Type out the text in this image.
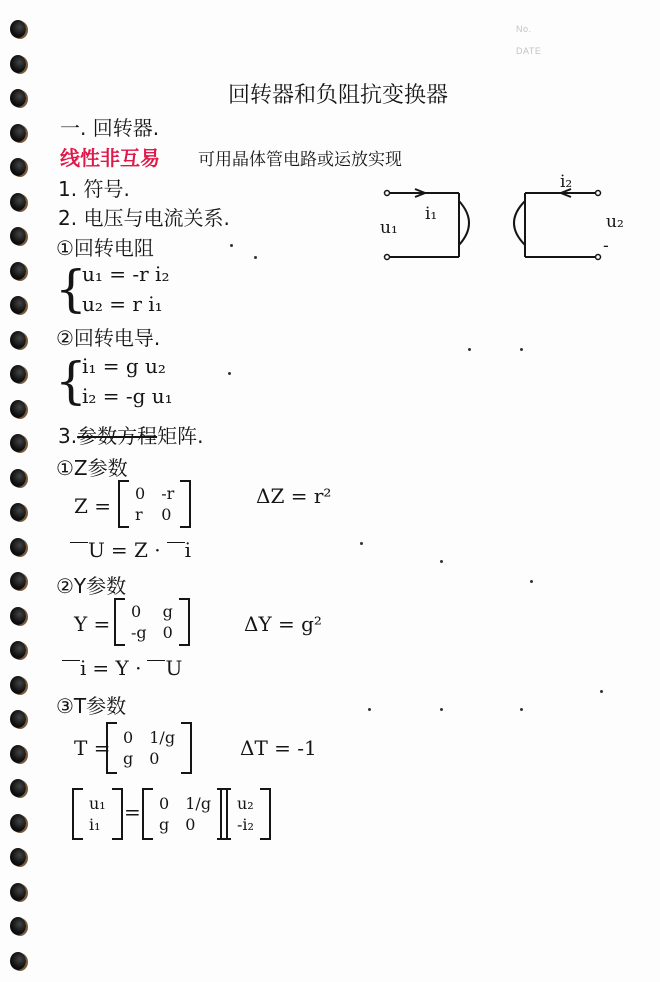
No.
DATE
回转器和负阻抗变换器
一. 回转器.
线性非互易 可用晶体管电路或运放实现
1. 符号.
2. 电压与电流关系.	u₁
i₁
i₂
u₂
-
①回转电阻
{
u₁ = -r i₂
u₂ = r i₁
②回转电导.
{
i₁ = g u₂
i₂ = -g u₁
3.参数方程矩阵.
①Z参数
Z =
0 -r
r 0
ΔZ = r²
U = Z ·	i
②Y参数
Y =
0	g
-g 0	ΔY = g²
i = Y ·	U
③T参数
T = 0 1/g
g 0	ΔT = -1
u₁
i₁
= 0 1/g
g 0
u₂
-i₂
